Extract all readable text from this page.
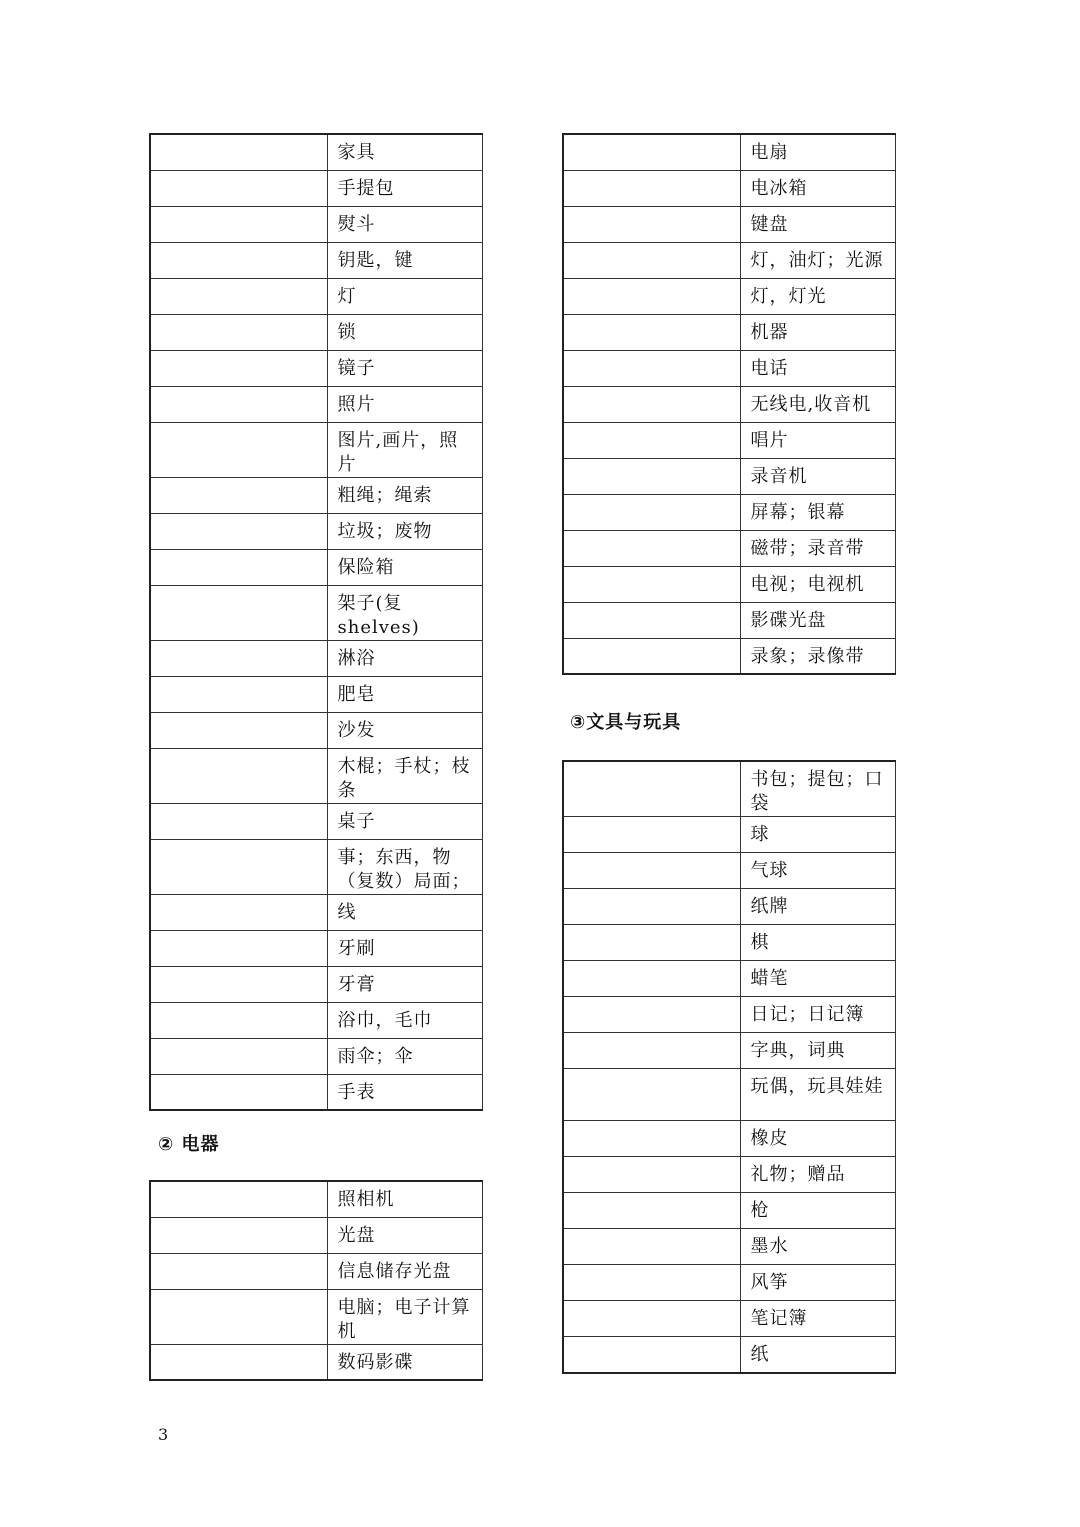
	家具
	手提包
	熨斗
	钥匙，键
	灯
	锁
	镜子
	照片
	图片,画片，照片
	粗绳；绳索
	垃圾；废物
	保险箱
	架子(复 shelves)
	淋浴
	肥皂
	沙发
	木棍；手杖；枝条
	桌子
	事；东西，物（复数）局面；
	线
	牙刷
	牙膏
	浴巾，毛巾
	雨伞；伞
	手表
② 电器
	照相机
	光盘
	信息储存光盘
	电脑；电子计算机
	数码影碟
	电扇
	电冰箱
	键盘
	灯，油灯；光源
	灯，灯光
	机器
	电话
	无线电,收音机
	唱片
	录音机
	屏幕；银幕
	磁带；录音带
	电视；电视机
	影碟光盘
	录象；录像带
③文具与玩具
	书包；提包；口袋
	球
	气球
	纸牌
	棋
	蜡笔
	日记；日记簿
	字典，词典
	玩偶，玩具娃娃
	橡皮
	礼物；赠品
	枪
	墨水
	风筝
	笔记簿
	纸
3
